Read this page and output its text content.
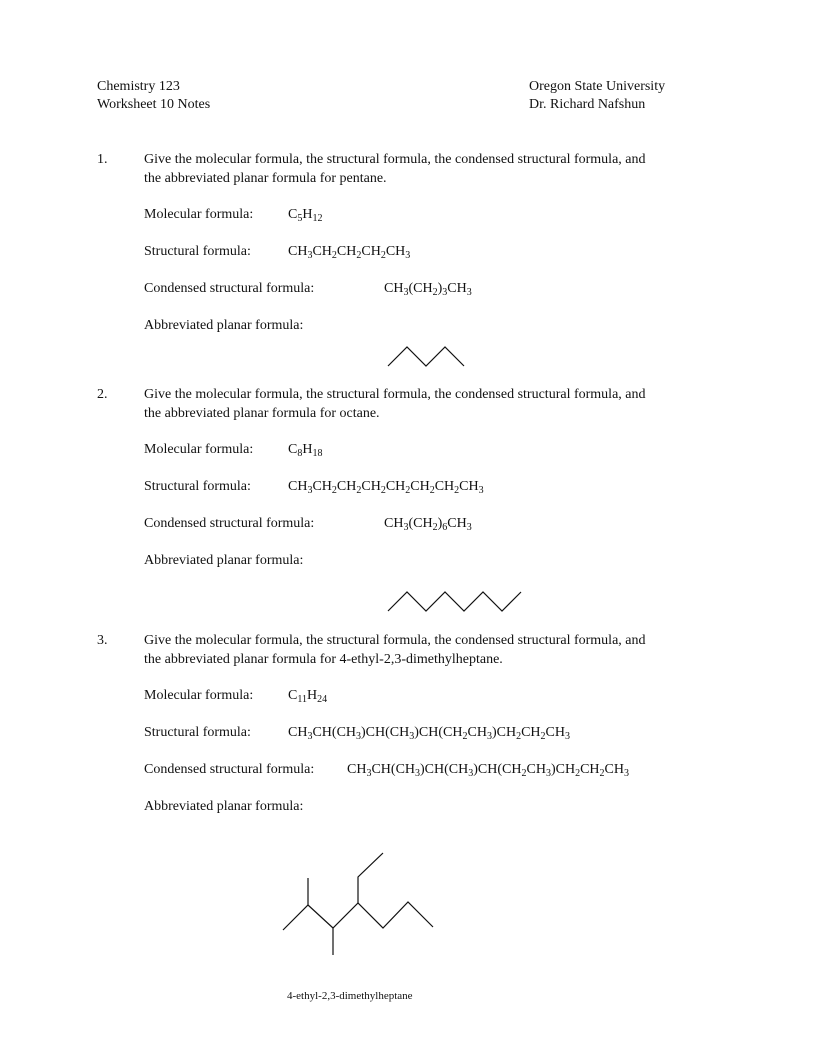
Chemistry 123
Worksheet 10 Notes
Oregon State University
Dr. Richard Nafshun
1.	Give the molecular formula, the structural formula, the condensed structural formula, and
the abbreviated planar formula for pentane.
Molecular formula: $C_5H_{12}$
Structural formula:	$CH_3CH_2CH_2CH_2CH_3$
Condensed structural formula:	$CH_3(CH_2)_3CH_3$
Abbreviated planar formula:
2.	Give the molecular formula, the structural formula, the condensed structural formula, and
the abbreviated planar formula for octane.
Molecular formula: $C_8H_{18}$
Structural formula:	$CH_3CH_2CH_2CH_2CH_2CH_2CH_2CH_3$
Condensed structural formula:	$CH_3(CH_2)_6CH_3$
Abbreviated planar formula:
3.	Give the molecular formula, the structural formula, the condensed structural formula, and
the abbreviated planar formula for 4-ethyl-2,3-dimethylheptane.
Molecular formula: $C_{11}H_{24}$
Structural formula:	$CH_3CH(CH_3)CH(CH_3)CH(CH_2CH_3)CH_2CH_2CH_3$
Condensed structural formula: $CH_3CH(CH_3)CH(CH_3)CH(CH_2CH_3)CH_2CH_2CH_3$
Abbreviated planar formula:
4-ethyl-2,3-dimethylheptane
